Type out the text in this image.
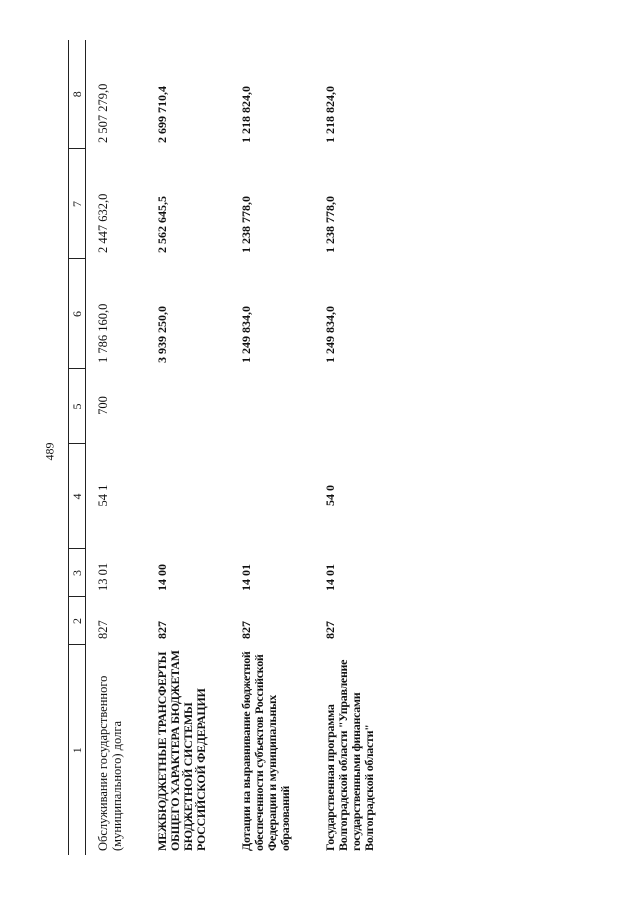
489
1	2	3	4	5	6	7	8
Обслуживание государственного (муниципального) долга	827	13 01	54 1	700	1 786 160,0	2 447 632,0	2 507 279,0
МЕЖБЮДЖЕТНЫЕ ТРАНСФЕРТЫ ОБЩЕГО ХАРАКТЕРА БЮДЖЕТАМ БЮДЖЕТНОЙ СИСТЕМЫ РОССИЙСКОЙ ФЕДЕРАЦИИ	827	14 00			3 939 250,0	2 562 645,5	2 699 710,4
Дотации на выравнивание бюджетной обеспеченности субъектов Российской Федерации и муниципальных образований	827	14 01			1 249 834,0	1 238 778,0	1 218 824,0
Государственная программа Волгоградской области "Управление государственными финансами Волгоградской области"	827	14 01	54 0		1 249 834,0	1 238 778,0	1 218 824,0
